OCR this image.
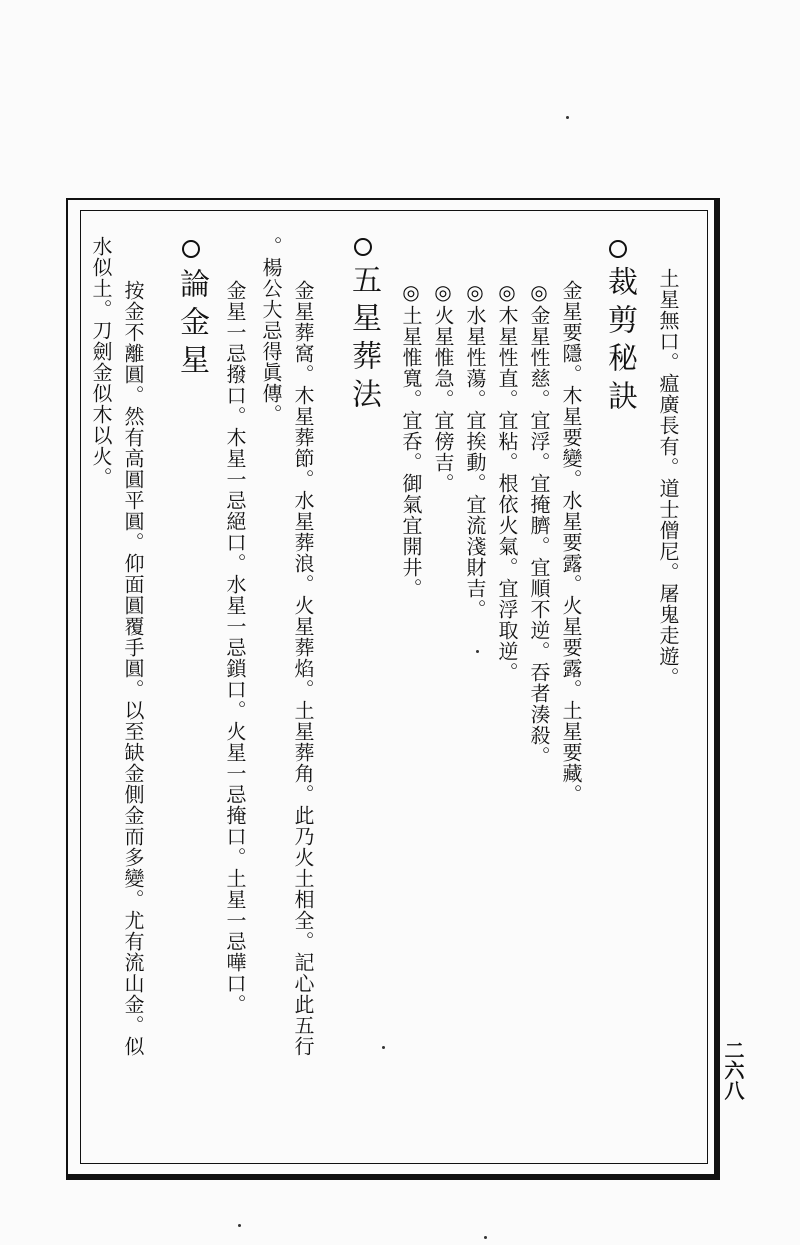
土星無口。瘟廣長有。道士僧尼。屠鬼走遊。
裁剪秘訣
金星要隱。木星要變。水星要露。火星要露。土星要藏。
◎金星性慈。宜浮。宜掩臍。宜順不逆。吞者湊殺。
◎木星性直。宜粘。根依火氣。宜浮取逆。
◎水星性蕩。宜挨動。宜流淺財吉。
◎火星惟急。宜傍吉。
◎土星惟寬。宜呑。御氣宜開井。
五星葬法
金星葬窩。木星葬節。水星葬浪。火星葬焰。土星葬角。此乃火土相全。記心此五行
。楊公大忌得眞傳。
金星一忌撥口。木星一忌絕口。水星一忌鎖口。火星一忌掩口。土星一忌嘩口。
論金星
按金不離圓。然有高圓平圓。仰面圓覆手圓。以至缺金側金而多變。尤有流山金。似
水似土。刀劍金似木以火。
二六八
